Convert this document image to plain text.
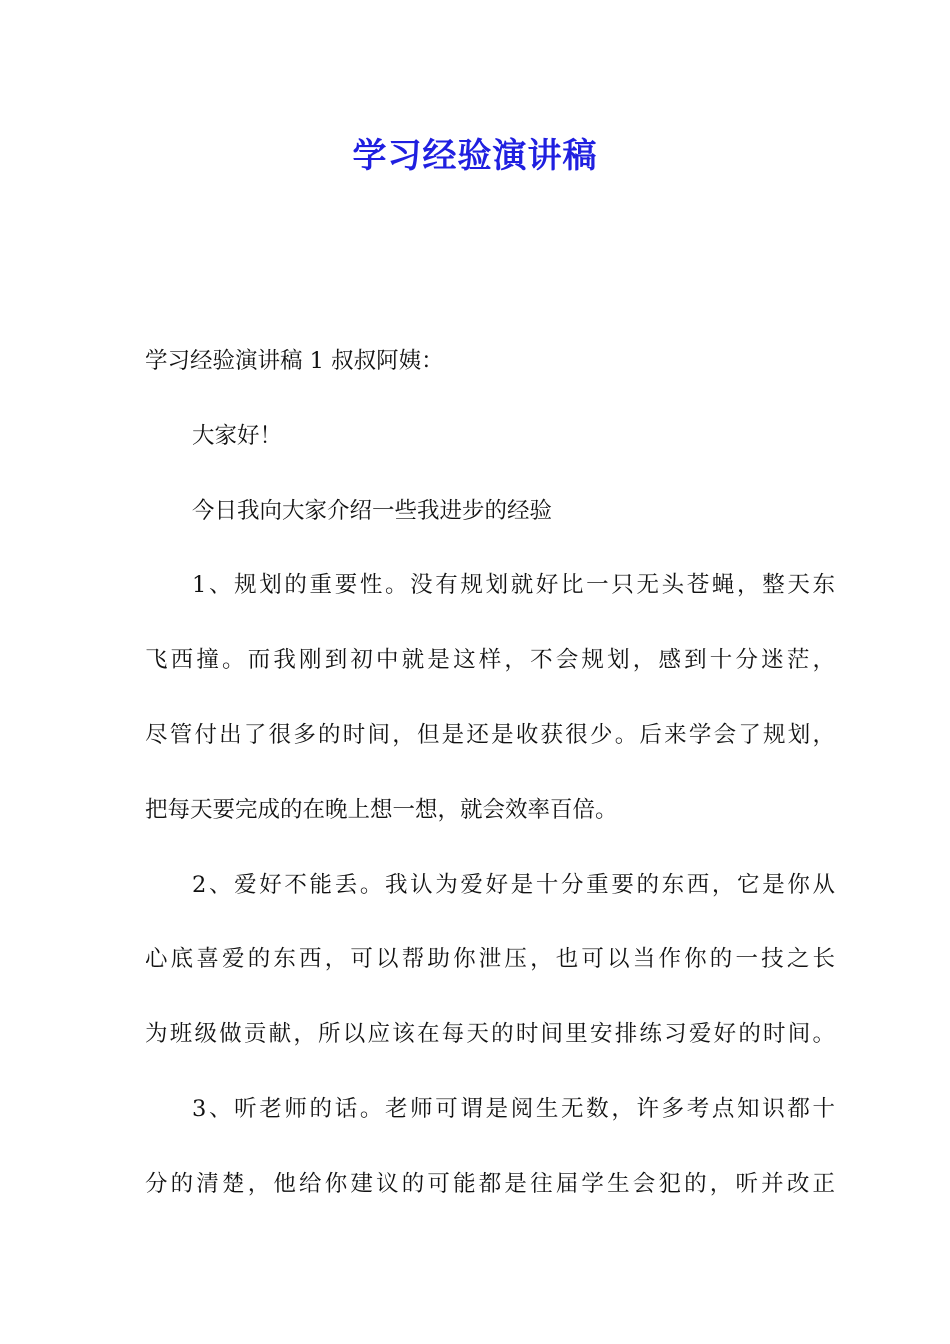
学习经验演讲稿
学习经验演讲稿 1 叔叔阿姨：
大家好！
今日我向大家介绍一些我进步的经验
1、规划的重要性。没有规划就好比一只无头苍蝇，整天东
飞西撞。而我刚到初中就是这样，不会规划，感到十分迷茫，
尽管付出了很多的时间，但是还是收获很少。后来学会了规划，
把每天要完成的在晚上想一想，就会效率百倍。
2、爱好不能丢。我认为爱好是十分重要的东西，它是你从
心底喜爱的东西，可以帮助你泄压，也可以当作你的一技之长
为班级做贡献，所以应该在每天的时间里安排练习爱好的时间。
3、听老师的话。老师可谓是阅生无数，许多考点知识都十
分的清楚，他给你建议的可能都是往届学生会犯的，听并改正
